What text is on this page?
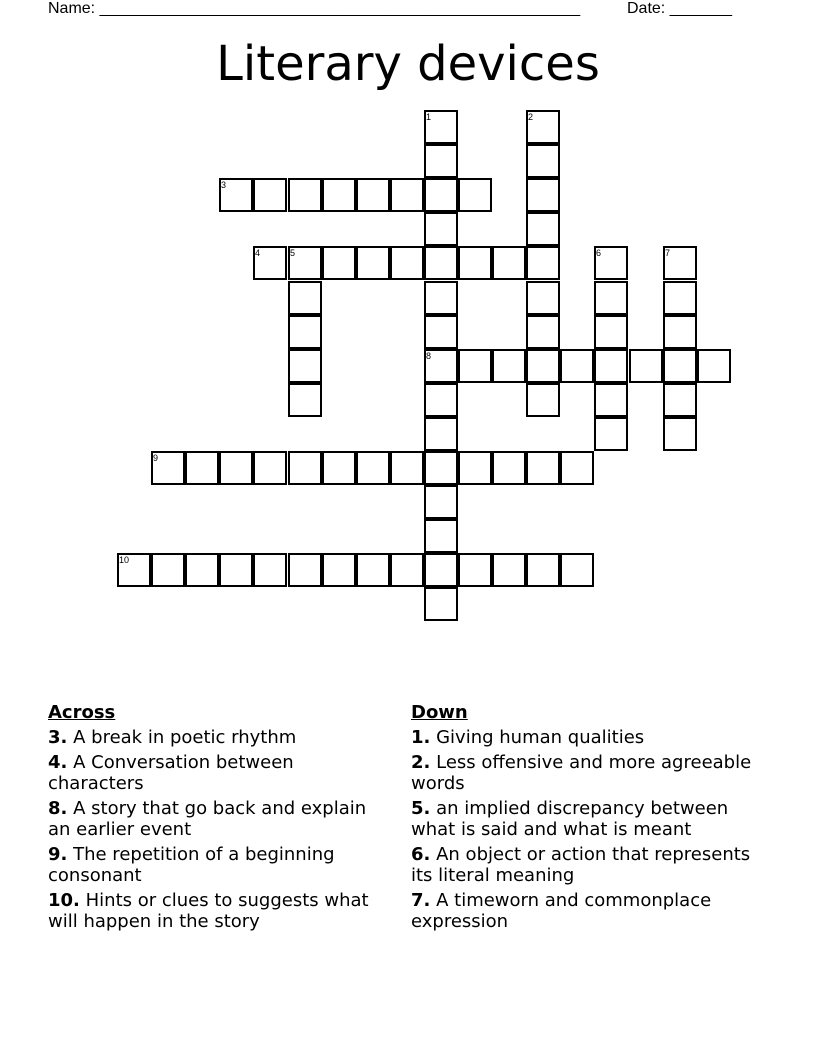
Name: ______________________________________________________	Date: _______
Literary devices
1	2
3
4	5	6	7
8
9
10
Across
3. A break in poetic rhythm
4. A Conversation between characters
8. A story that go back and explain an earlier event
9. The repetition of a beginning consonant
10. Hints or clues to suggests what will happen in the story
Down
1. Giving human qualities
2. Less offensive and more agreeable words
5. an implied discrepancy between what is said and what is meant
6. An object or action that represents its literal meaning
7. A timeworn and commonplace expression
